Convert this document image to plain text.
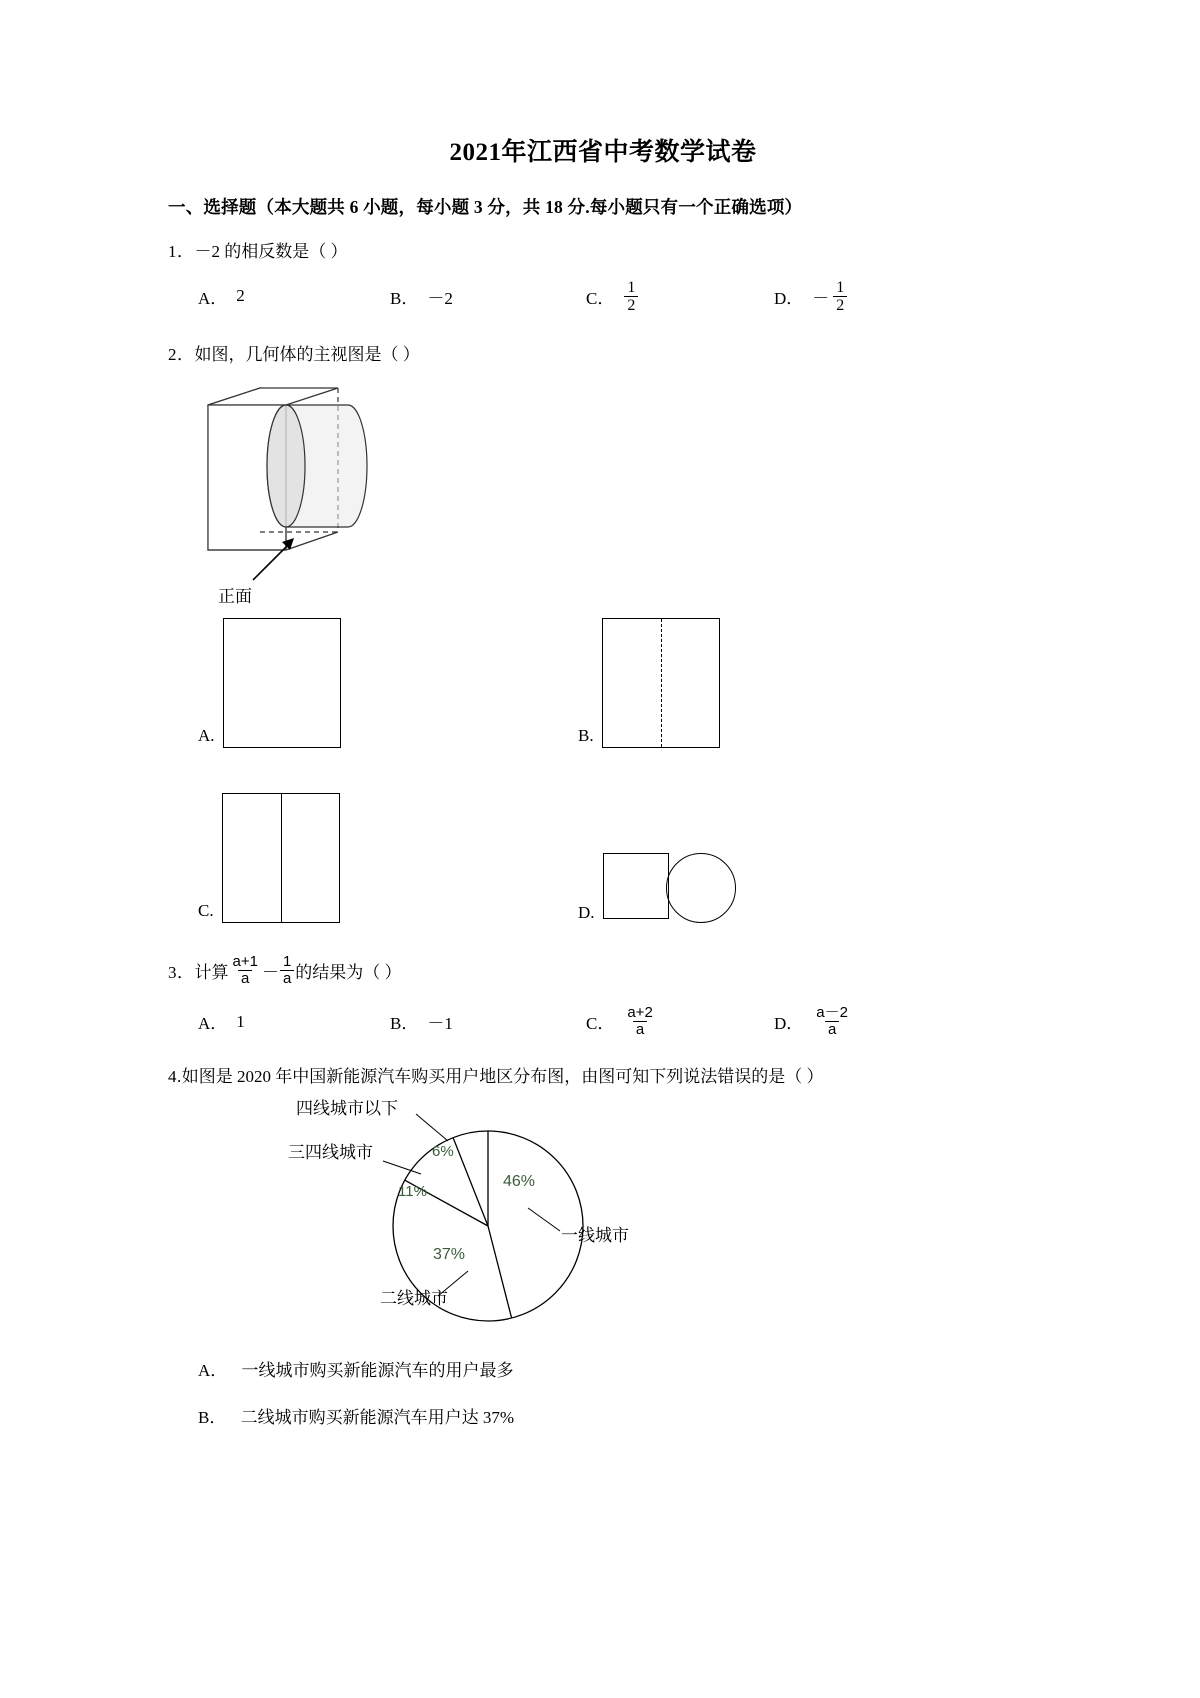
2021年江西省中考数学试卷
一、选择题（本大题共 6 小题，每小题 3 分，共 18 分.每小题只有一个正确选项）
1．－2 的相反数是（ ）
A． 2	B． －2	C． $\frac{1}{2}$	D． － $\frac{1}{2}$
2．如图，几何体的主视图是（ ）
正面
A.	B.
C.	D.
3． 计算 $\frac{a+1}{a} - \frac{1}{a}$ 的结果为（ ）
A． 1	B． －1	C． $\frac{a+2}{a}$	D． $\frac{a-2}{a}$
4.如图是 2020 年中国新能源汽车购买用户地区分布图，由图可知下列说法错误的是（ ）
46%
37%
11%
6%
四线城市以下
三四线城市
一线城市
二线城市
A． 一线城市购买新能源汽车的用户最多
B． 二线城市购买新能源汽车用户达 37%
